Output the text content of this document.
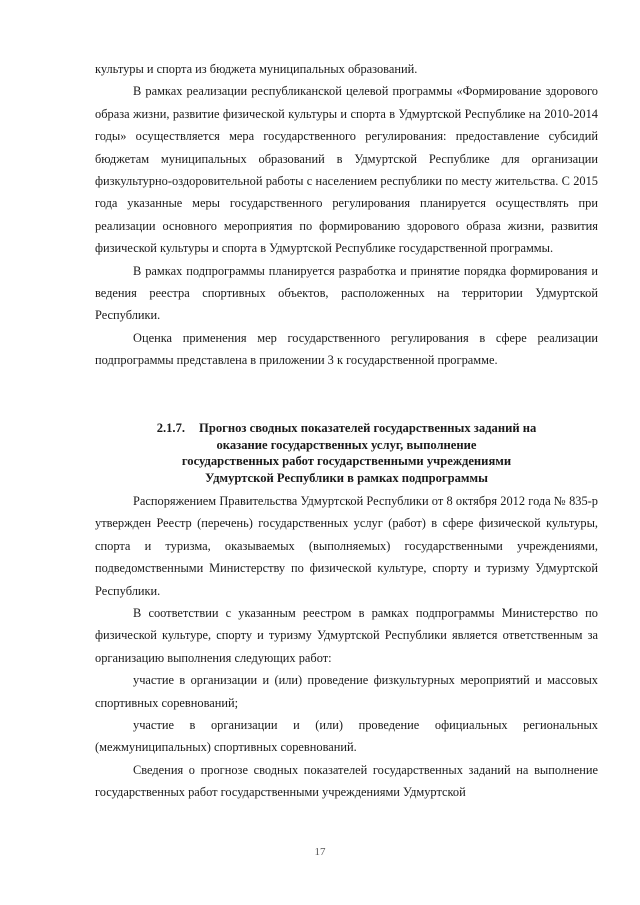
культуры и спорта из бюджета муниципальных образований.

В рамках реализации республиканской целевой программы «Формирование здорового образа жизни, развитие физической культуры и спорта в Удмуртской Республике на 2010-2014 годы» осуществляется мера государственного регулирования: предоставление субсидий бюджетам муниципальных образований в Удмуртской Республике для организации физкультурно-оздоровительной работы с населением республики по месту жительства. С 2015 года указанные меры государственного регулирования планируется осуществлять при реализации основного мероприятия по формированию здорового образа жизни, развития физической культуры и спорта в Удмуртской Республике государственной программы.

В рамках подпрограммы планируется разработка и принятие порядка формирования и ведения реестра спортивных объектов, расположенных на территории Удмуртской Республики.

Оценка применения мер государственного регулирования в сфере реализации подпрограммы представлена в приложении 3 к государственной программе.

2.1.7. Прогноз сводных показателей государственных заданий на
оказание государственных услуг, выполнение
государственных работ государственными учреждениями
Удмуртской Республики в рамках подпрограммы

Распоряжением Правительства Удмуртской Республики от 8 октября 2012 года № 835-р утвержден Реестр (перечень) государственных услуг (работ) в сфере физической культуры, спорта и туризма, оказываемых (выполняемых) государственными учреждениями, подведомственными Министерству по физической культуре, спорту и туризму Удмуртской Республики.

В соответствии с указанным реестром в рамках подпрограммы Министерство по физической культуре, спорту и туризму Удмуртской Республики является ответственным за организацию выполнения следующих работ:

участие в организации и (или) проведение физкультурных мероприятий и массовых спортивных соревнований;

участие в организации и (или) проведение официальных региональных (межмуниципальных) спортивных соревнований.

Сведения о прогнозе сводных показателей государственных заданий на выполнение государственных работ государственными учреждениями Удмуртской

17
